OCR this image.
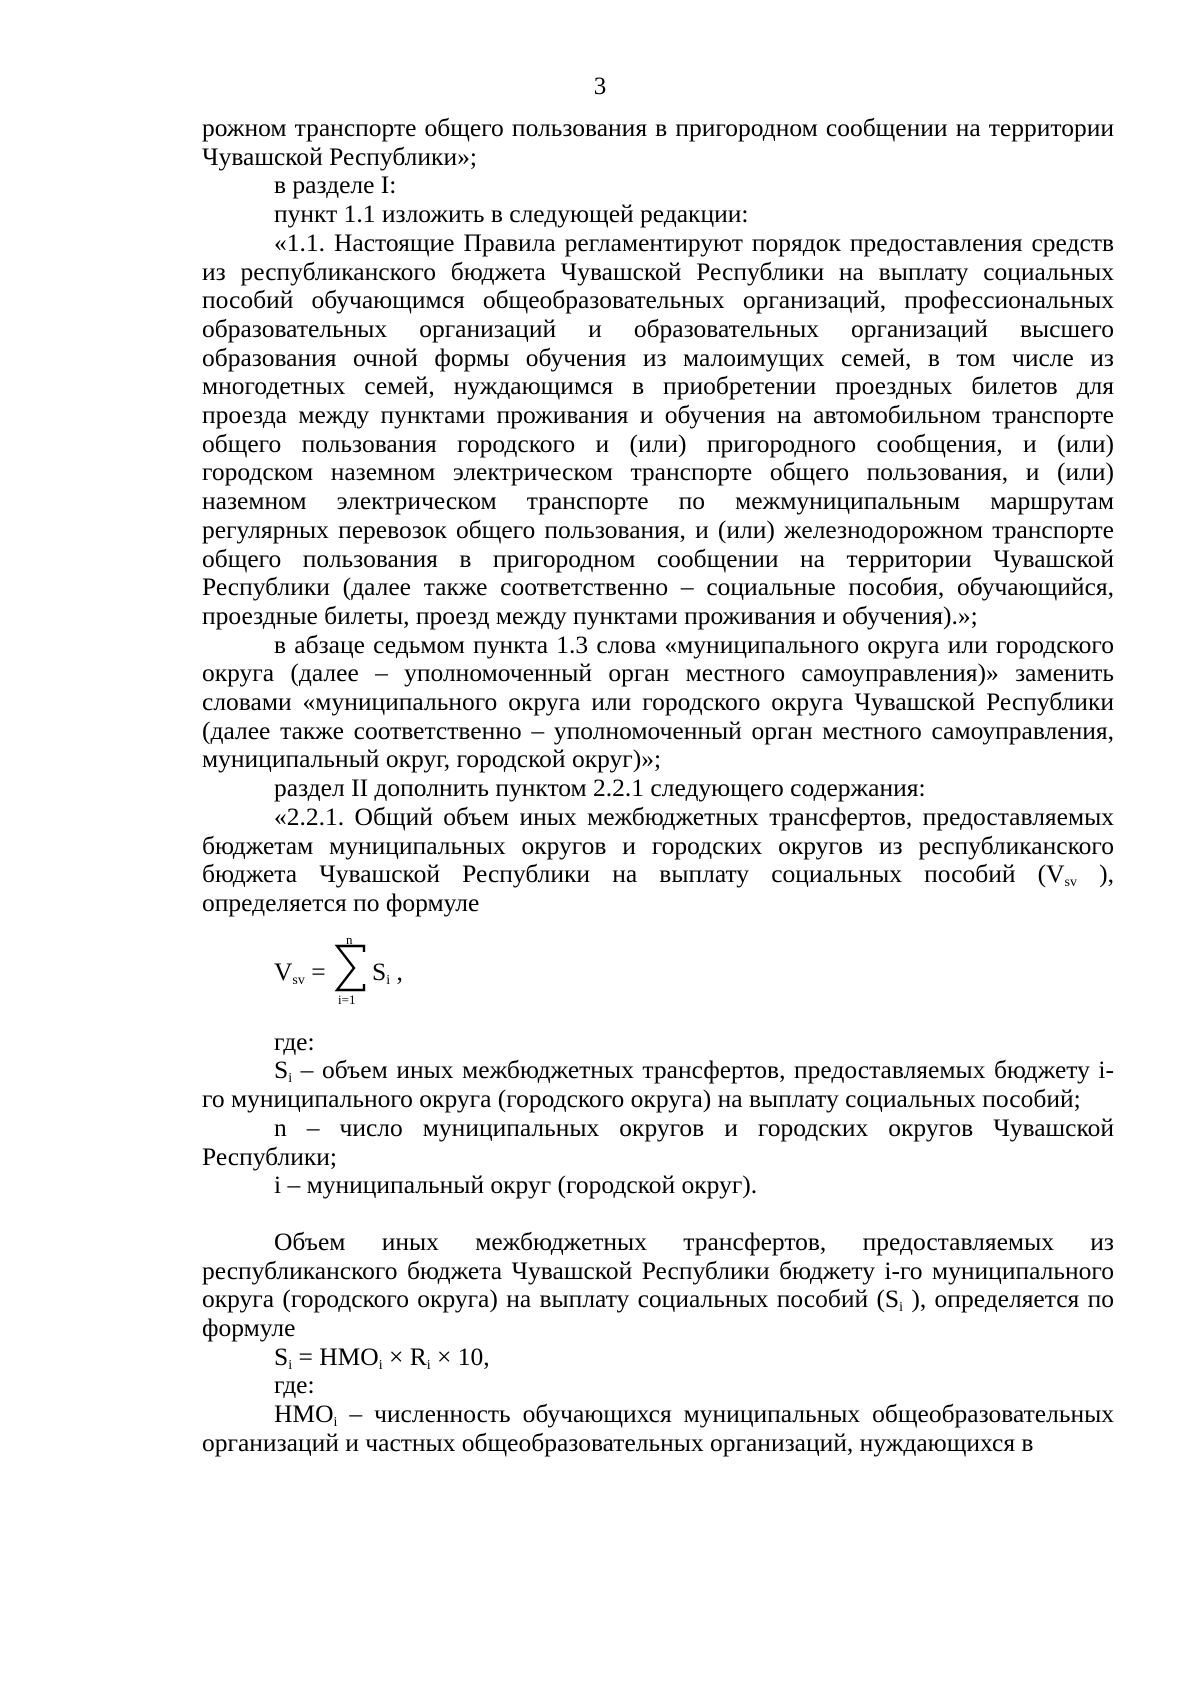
3

рожном транспорте общего пользования в пригородном сообщении на территории Чувашской Республики»;

в разделе I:

пункт 1.1 изложить в следующей редакции:

«1.1. Настоящие Правила регламентируют порядок предоставления средств из республиканского бюджета Чувашской Республики на выплату социальных пособий обучающимся общеобразовательных организаций, профессиональных образовательных организаций и образовательных организаций высшего образования очной формы обучения из малоимущих семей, в том числе из многодетных семей, нуждающимся в приобретении проездных билетов для проезда между пунктами проживания и обучения на автомобильном транспорте общего пользования городского и (или) пригородного сообщения, и (или) городском наземном электрическом транспорте общего пользования, и (или) наземном электрическом транспорте по межмуниципальным маршрутам регулярных перевозок общего пользования, и (или) железнодорожном транспорте общего пользования в пригородном сообщении на территории Чувашской Республики (далее также соответственно – социальные пособия, обучающийся, проездные билеты, проезд между пунктами проживания и обучения).»;

в абзаце седьмом пункта 1.3 слова «муниципального округа или городского округа (далее – уполномоченный орган местного самоуправления)» заменить словами «муниципального округа или городского округа Чувашской Республики (далее также соответственно – уполномоченный орган местного самоуправления, муниципальный округ, городской округ)»;

раздел II дополнить пунктом 2.2.1 следующего содержания:

«2.2.1. Общий объем иных межбюджетных трансфертов, предоставляемых бюджетам муниципальных округов и городских округов из республиканского бюджета Чувашской Республики на выплату социальных пособий ($V_{sv}$ ), определяется по формуле

$V_{sv}$ =
n
i=1
$S_i$ ,

где:

$S_i$ – объем иных межбюджетных трансфертов, предоставляемых бюджету i-го муниципального округа (городского округа) на выплату социальных пособий;

n – число муниципальных округов и городских округов Чувашской Республики;

i – муниципальный округ (городской округ).

Объем иных межбюджетных трансфертов, предоставляемых из республиканского бюджета Чувашской Республики бюджету i-го муниципального округа (городского округа) на выплату социальных пособий ($S_i$ ), определяется по формуле

$S_i = НМО_i \times R_i \times 10$,

где:

$НМО_i$ – численность обучающихся муниципальных общеобразовательных организаций и частных общеобразовательных организаций, нуждающихся в
